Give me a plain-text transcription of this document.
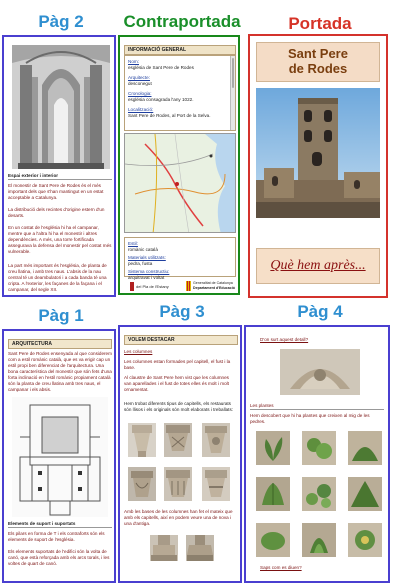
Pàg 2	Contraportada	Portada
Pàg 1	Pàg 3	Pàg 4
Espai exterior i interior
El monestir de Sant Pere de Rodes és el més important dels que s'han mantingut en un estat acceptable a Catalunya.
La distribució dels recintes d'origine estern d'un desarts.
En un costat de l'església hi ha el campanar, mentre que a l'altra hi ha el monestir i altres dependències. A més, una torre fortificada assegurava la defensa del monestir pel costat més vulnerable.
La part més important és l'església, de planta de creu llatina, i amb tres naus. L'absis de la nau central té un deambulatori i a cada banda té una cripta. A l'exterior, les façanes de la façana i el campanar, del segle XII.
INFORMACIÓ GENERAL
Nom:
església de Sant Pere de Rodes
Arquitecte:
desconegut
Cronologia:
església consagrada l'any 1022.
Localització:
Sant Pere de Rodes, al Port de la Selva.
Estil:
romànic català
Materials utilitzats:
pedra, fusta
Sistema constructiu:
arquitravat i voltat
del Pla de l'Estany
Generalitat de Catalunya
Departament d'Educació
Sant Pere
de Rodes
Què hem après...
ARQUITECTURA
Sant Pere de Rodes ensenyada al que considerem com a estil romànic català, que es va erigir cap un estil propi ben diferenciat de l'arquitectura. Una bona característica del monestir que són fets d'una forta inclinació en l'estil romànic propiament català són la planta de creu llatina amb tres naus, el campanar i els absis.
Elements de suport i suportats
Els pilars en forma de T i els contraforts són els elements de suport de l'església.
Els elements suportats de l'edifici són la volta de canó, que està reforçada amb els arcs torals, i les voltes de quart de canó.
VOLEM DESTACAR
Les columnes
Les columnes estan formades pel capitell, el fust i la base.
Al claustre de Sant Pere hem vist que les columnes van aparellades i el fust de totes elles és molt i molt ornamentat.
Hem trobat diferents tipus de capitells, els restaurats són llisos i els originals són molt elaborats i treballats:
Amb les bases de les columnes han fet el mateix que amb els capitells, així en podem veure una de nova i una d'antiga.
D'on surt aquest detall?
Les plantes
Hem descobert que hi ha plantes que creixen al mig de les pedres.
Saps com es diuen?
